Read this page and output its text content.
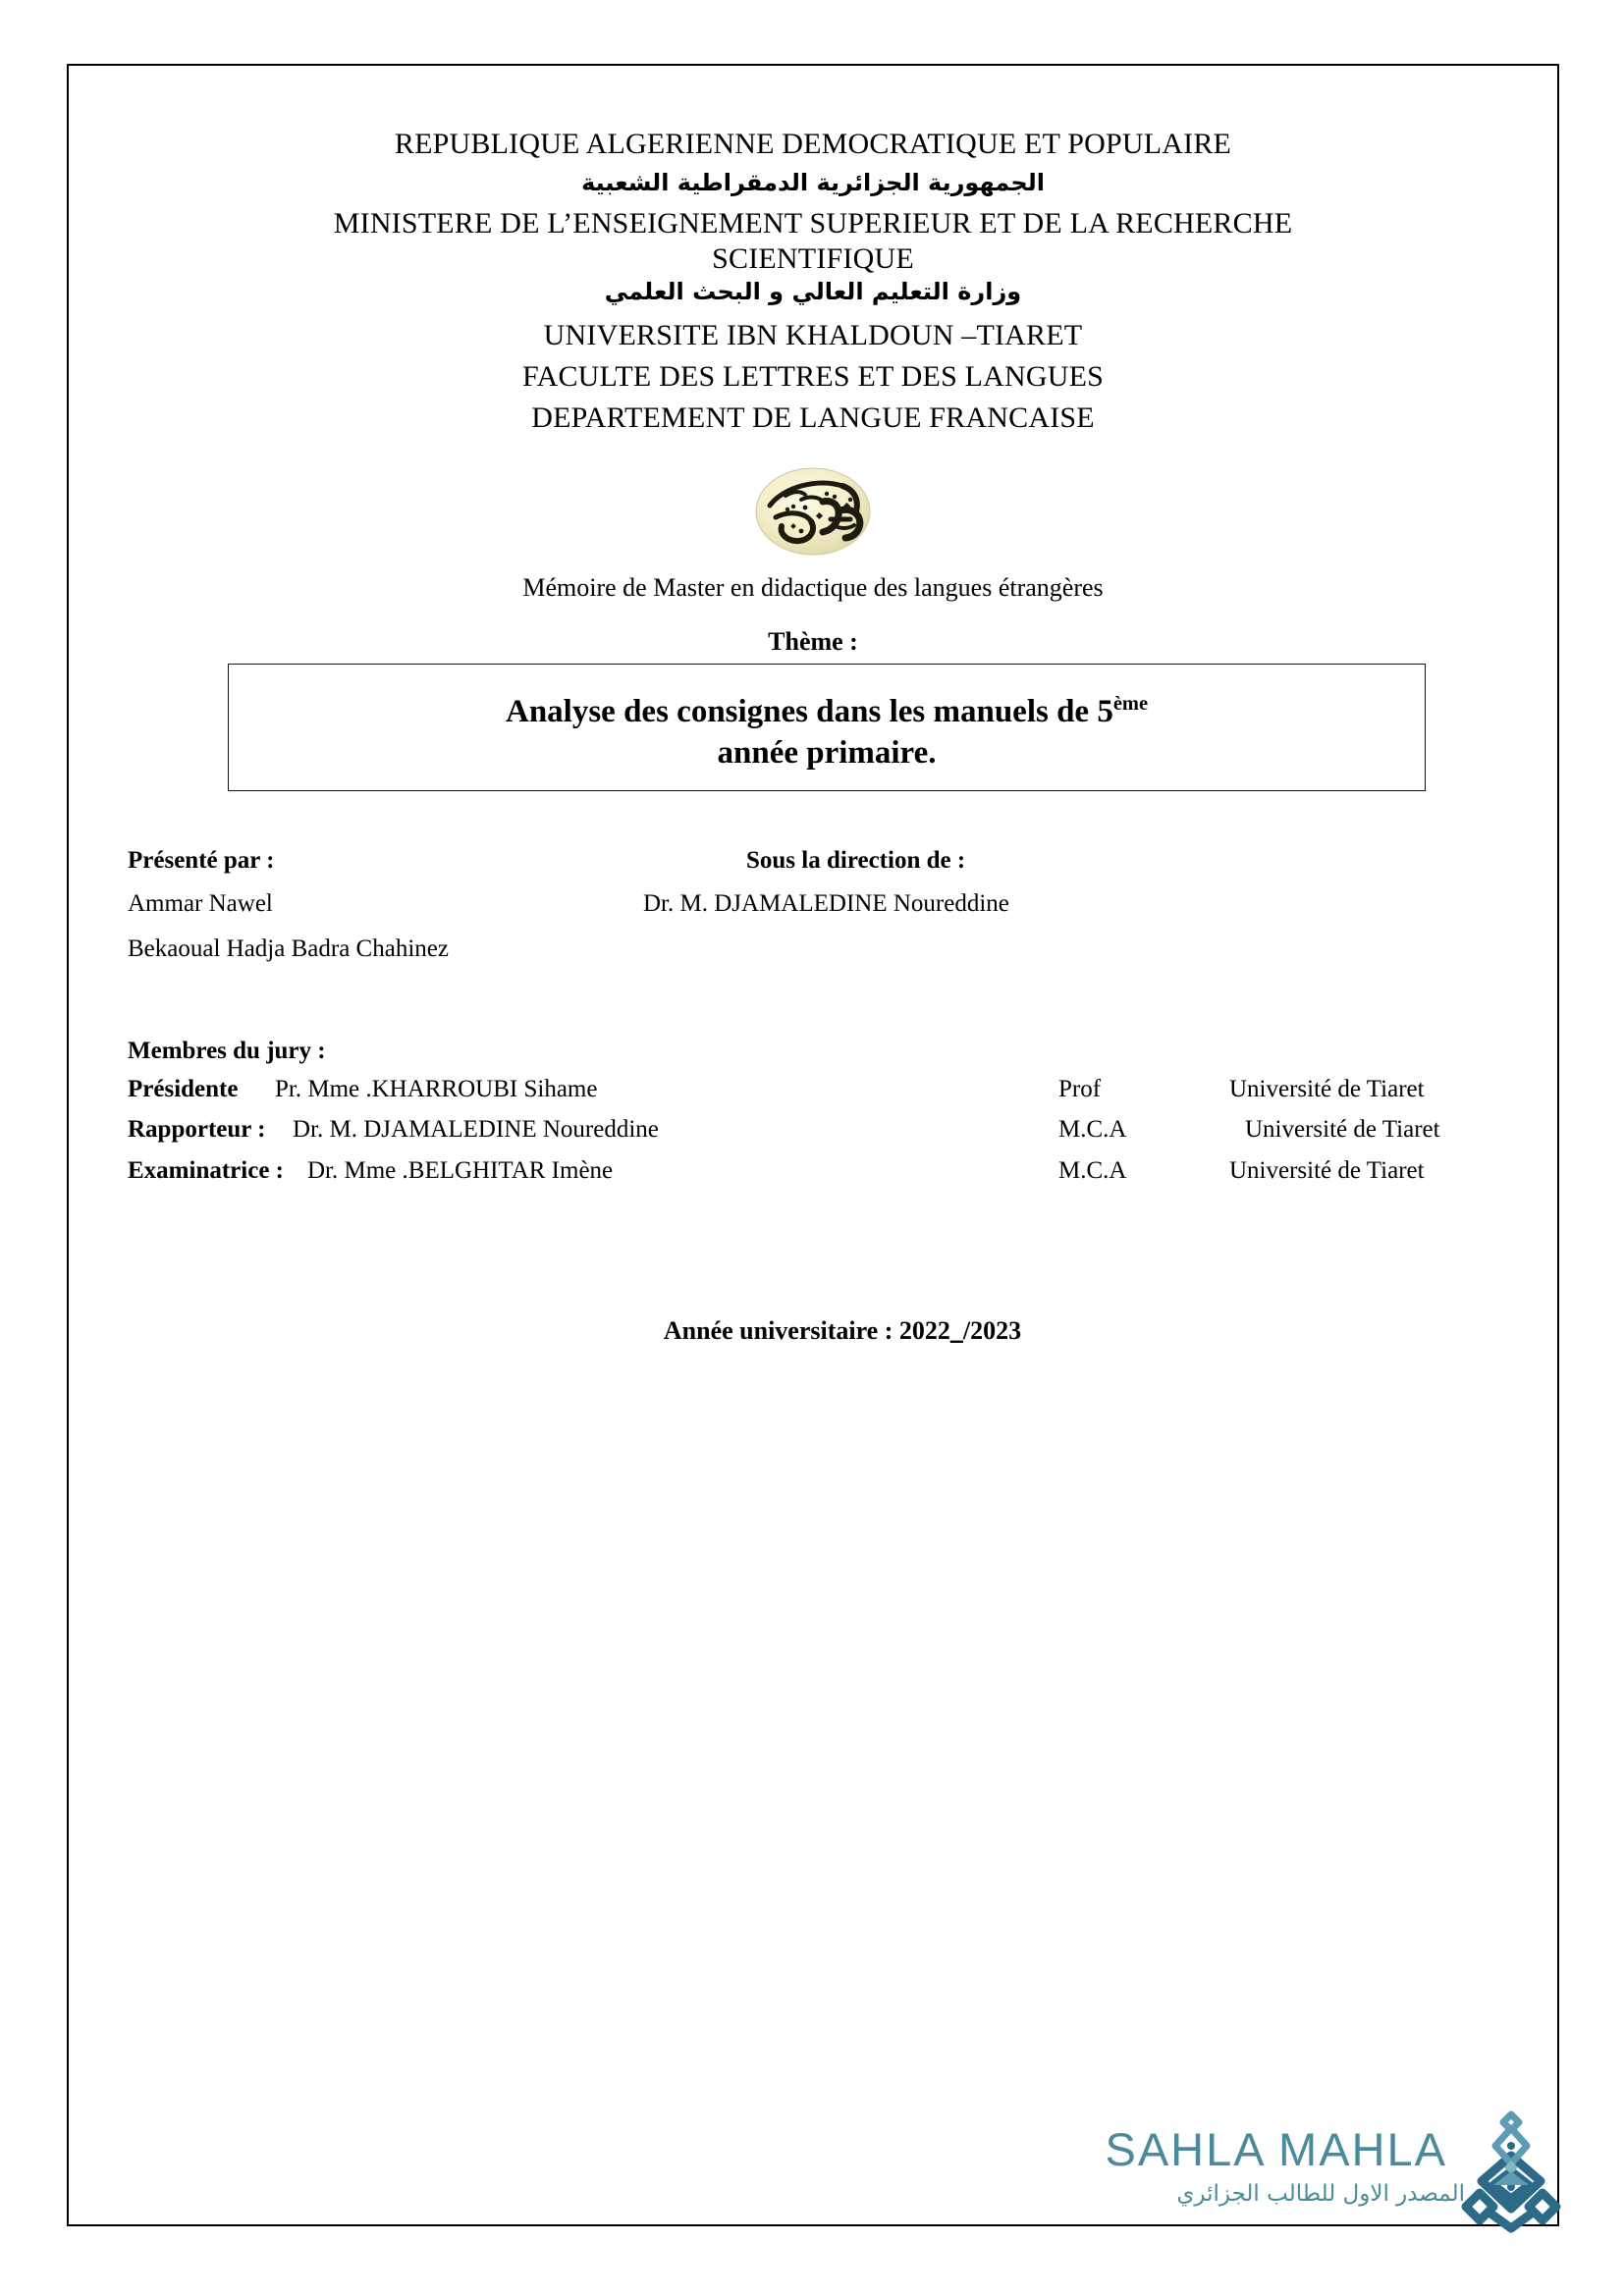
REPUBLIQUE ALGERIENNE DEMOCRATIQUE ET POPULAIRE
الجمهورية الجزائرية الدمقراطية الشعبية
MINISTERE DE L’ENSEIGNEMENT SUPERIEUR ET DE LA RECHERCHE
SCIENTIFIQUE
وزارة التعليم العالي و البحث العلمي
UNIVERSITE IBN KHALDOUN –TIARET
FACULTE DES LETTRES ET DES LANGUES
DEPARTEMENT DE LANGUE FRANCAISE
Mémoire de Master en didactique des langues étrangères
Thème :
Analyse des consignes dans les manuels de 5ème
année primaire.
Présenté par :	Sous la direction de :
Ammar Nawel	Dr. M. DJAMALEDINE Noureddine
Bekaoual Hadja Badra Chahinez
Membres du jury :
Présidente Pr. Mme .KHARROUBI Sihame	Prof	Université de Tiaret
Rapporteur : Dr. M. DJAMALEDINE Noureddine	M.C.A	Université de Tiaret
Examinatrice : Dr. Mme .BELGHITAR Imène	M.C.A	Université de Tiaret
Année universitaire : 2022_/2023
SAHLA MAHLA
المصدر الاول للطالب الجزائري
